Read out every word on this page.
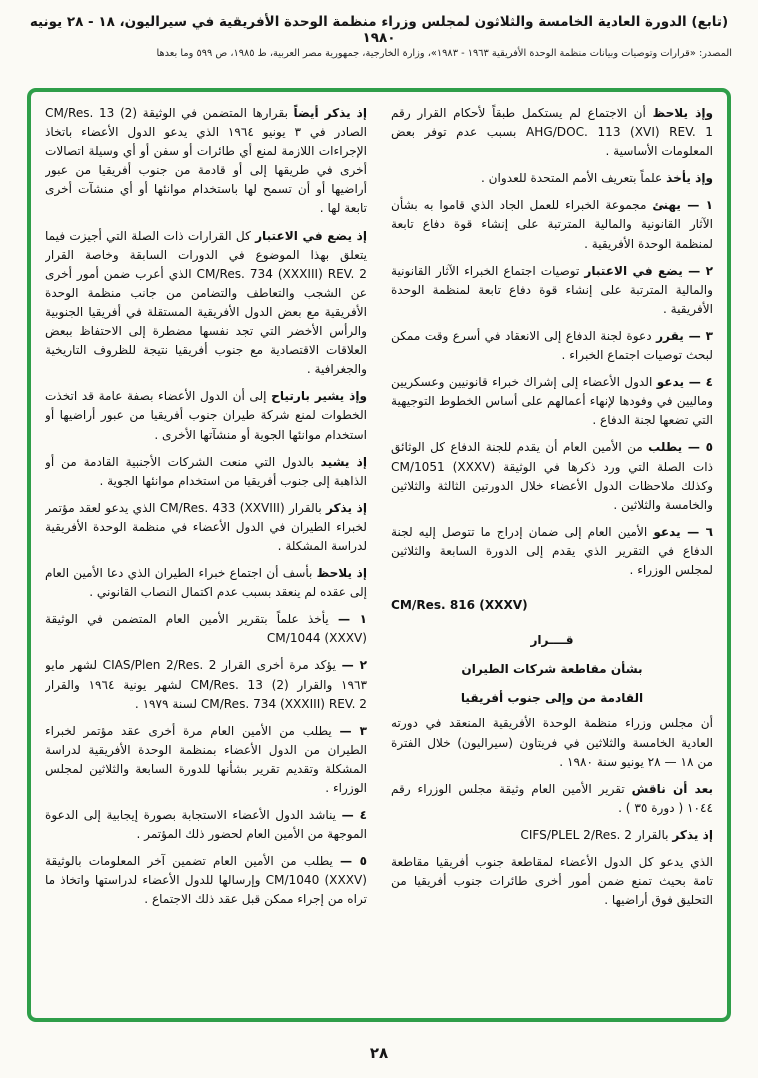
(تابع) الدورة العادية الخامسة والثلاثون لمجلس وزراء منظمة الوحدة الأفريقية في سيراليون، ١٨ - ٢٨ يونيه ١٩٨٠
المصدر: «قرارات وتوصيات وبيانات منظمة الوحدة الأفريقية ١٩٦٣ - ١٩٨٣»، وزارة الخارجية، جمهورية مصر العربية، ط ١٩٨٥، ص ٥٩٩ وما بعدها

وإذ يلاحظ أن الاجتماع لم يستكمل طبقاً لأحكام القرار رقم AHG/DOC. 113 (XVI) REV. 1 بسبب عدم توفر بعض المعلومات الأساسية .

وإذ يأخذ علماً بتعريف الأمم المتحدة للعدوان .

١ — يهنئ مجموعة الخبراء للعمل الجاد الذي قاموا به بشأن الآثار القانونية والمالية المترتبة على إنشاء قوة دفاع تابعة لمنظمة الوحدة الأفريقية .

٢ — يضع في الاعتبار توصيات اجتماع الخبراء الآثار القانونية والمالية المترتبة على إنشاء قوة دفاع تابعة لمنظمة الوحدة الأفريقية .

٣ — يقرر دعوة لجنة الدفاع إلى الانعقاد في أسرع وقت ممكن لبحث توصيات اجتماع الخبراء .

٤ — يدعو الدول الأعضاء إلى إشراك خبراء قانونيين وعسكريين وماليين في وفودها لإنهاء أعمالهم على أساس الخطوط التوجيهية التي تضعها لجنة الدفاع .

٥ — يطلب من الأمين العام أن يقدم للجنة الدفاع كل الوثائق ذات الصلة التي ورد ذكرها في الوثيقة CM/1051 (XXXV) وكذلك ملاحظات الدول الأعضاء خلال الدورتين الثالثة والثلاثين والخامسة والثلاثين .

٦ — يدعو الأمين العام إلى ضمان إدراج ما تتوصل إليه لجنة الدفاع في التقرير الذي يقدم إلى الدورة السابعة والثلاثين لمجلس الوزراء .

CM/Res. 816 (XXXV)

قــــرار

بشأن مقاطعة شركات الطيران

القادمة من وإلى جنوب أفريقيا

أن مجلس وزراء منظمة الوحدة الأفريقية المنعقد في دورته العادية الخامسة والثلاثين في فريتاون (سيراليون) خلال الفترة من ١٨ — ٢٨ يونيو سنة ١٩٨٠ .

بعد أن ناقش تقرير الأمين العام وثيقة مجلس الوزراء رقم ١٠٤٤ ( دورة ٣٥ ) .

إذ يذكر بالقرار CIFS/PLEL 2/Res. 2

الذي يدعو كل الدول الأعضاء لمقاطعة جنوب أفريقيا مقاطعة تامة بحيث تمنع ضمن أمور أخرى طائرات جنوب أفريقيا من التحليق فوق أراضيها .

إذ يذكر أيضاً بقرارها المتضمن في الوثيقة CM/Res. 13 (2) الصادر في ٣ يونيو ١٩٦٤ الذي يدعو الدول الأعضاء باتخاذ الإجراءات اللازمة لمنع أي طائرات أو سفن أو أي وسيلة اتصالات أخرى في طريقها إلى أو قادمة من جنوب أفريقيا من عبور أراضيها أو أن تسمح لها باستخدام موانئها أو أي منشآت أخرى تابعة لها .

إذ يضع في الاعتبار كل القرارات ذات الصلة التي أجيزت فيما يتعلق بهذا الموضوع في الدورات السابقة وخاصة القرار CM/Res. 734 (XXXIII) REV. 2 الذي أعرب ضمن أمور أخرى عن الشجب والتعاطف والتضامن من جانب منظمة الوحدة الأفريقية مع بعض الدول الأفريقية المستقلة في أفريقيا الجنوبية والرأس الأخضر التي تجد نفسها مضطرة إلى الاحتفاظ ببعض العلاقات الاقتصادية مع جنوب أفريقيا نتيجة للظروف التاريخية والجغرافية .

وإذ يشير بارتياح إلى أن الدول الأعضاء بصفة عامة قد اتخذت الخطوات لمنع شركة طيران جنوب أفريقيا من عبور أراضيها أو استخدام موانئها الجوية أو منشآتها الأخرى .

إذ يشيد بالدول التي منعت الشركات الأجنبية القادمة من أو الذاهبة إلى جنوب أفريقيا من استخدام موانئها الجوية .

إذ يذكر بالقرار CM/Res. 433 (XXVIII) الذي يدعو لعقد مؤتمر لخبراء الطيران في الدول الأعضاء في منظمة الوحدة الأفريقية لدراسة المشكلة .

إذ يلاحظ بأسف أن اجتماع خبراء الطيران الذي دعا الأمين العام إلى عقده لم ينعقد بسبب عدم اكتمال النصاب القانوني .

١ — يأخذ علماً بتقرير الأمين العام المتضمن في الوثيقة CM/1044 (XXXV)

٢ — يؤكد مرة أخرى القرار CIAS/Plen 2/Res. 2 لشهر مايو ١٩٦٣ والقرار CM/Res. 13 (2) لشهر يونية ١٩٦٤ والقرار CM/Res. 734 (XXXIII) REV. 2 لسنة ١٩٧٩ .

٣ — يطلب من الأمين العام مرة أخرى عقد مؤتمر لخبراء الطيران من الدول الأعضاء بمنظمة الوحدة الأفريقية لدراسة المشكلة وتقديم تقرير بشأنها للدورة السابعة والثلاثين لمجلس الوزراء .

٤ — يناشد الدول الأعضاء الاستجابة بصورة إيجابية إلى الدعوة الموجهة من الأمين العام لحضور ذلك المؤتمر .

٥ — يطلب من الأمين العام تضمين آخر المعلومات بالوثيقة CM/1040 (XXXV) وإرسالها للدول الأعضاء لدراستها واتخاذ ما تراه من إجراء ممكن قبل عقد ذلك الاجتماع .

٢٨
